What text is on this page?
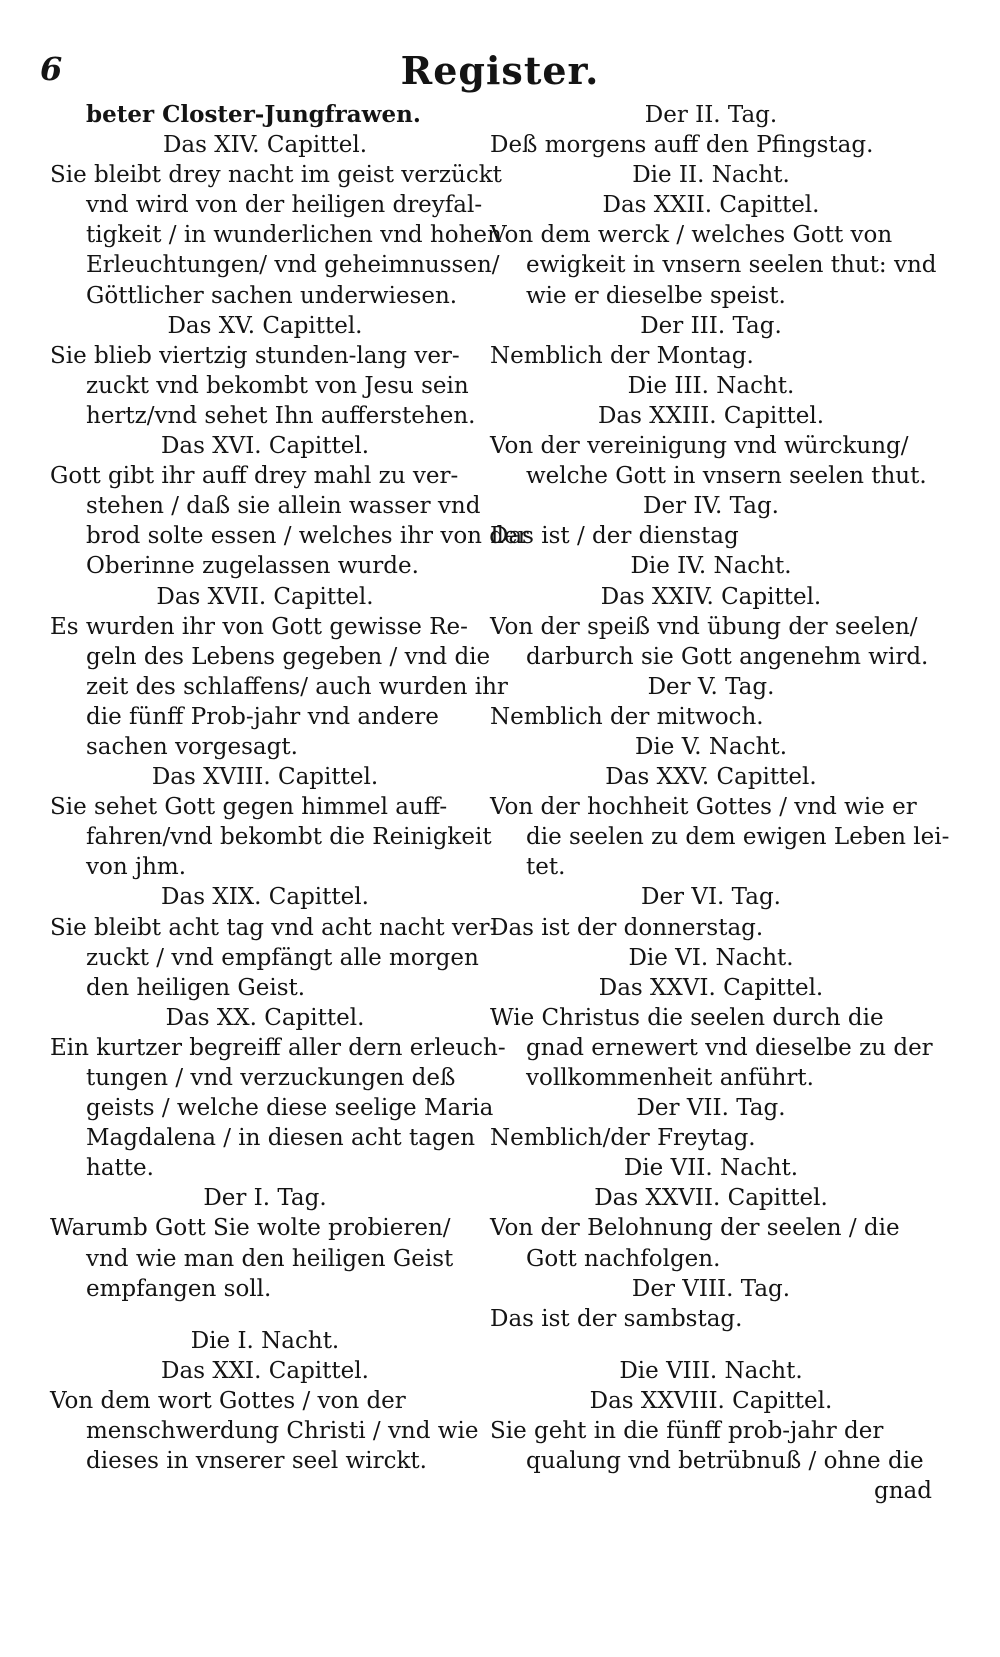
6	Register.
beter Closter-Jungfrawen.
Das XIV. Capittel.
Sie bleibt drey nacht im geist verzückt
vnd wird von der heiligen dreyfal-
tigkeit / in wunderlichen vnd hohen
Erleuchtungen/ vnd geheimnussen/
Göttlicher sachen underwiesen.
Das XV. Capittel.
Sie blieb viertzig stunden-lang ver-
zuckt vnd bekombt von Jesu sein
hertz/vnd sehet Ihn aufferstehen.
Das XVI. Capittel.
Gott gibt ihr auff drey mahl zu ver-
stehen / daß sie allein wasser vnd
brod solte essen / welches ihr von der
Oberinne zugelassen wurde.
Das XVII. Capittel.
Es wurden ihr von Gott gewisse Re-
geln des Lebens gegeben / vnd die
zeit des schlaffens/ auch wurden ihr
die fünff Prob-jahr vnd andere
sachen vorgesagt.
Das XVIII. Capittel.
Sie sehet Gott gegen himmel auff-
fahren/vnd bekombt die Reinigkeit
von jhm.
Das XIX. Capittel.
Sie bleibt acht tag vnd acht nacht ver-
zuckt / vnd empfängt alle morgen
den heiligen Geist.
Das XX. Capittel.
Ein kurtzer begreiff aller dern erleuch-
tungen / vnd verzuckungen deß
geists / welche diese seelige Maria
Magdalena / in diesen acht tagen
hatte.
Der I. Tag.
Warumb Gott Sie wolte probieren/
vnd wie man den heiligen Geist
empfangen soll.
Die I. Nacht.
Das XXI. Capittel.
Von dem wort Gottes / von der
menschwerdung Christi / vnd wie
dieses in vnserer seel wirckt.
Der II. Tag.
Deß morgens auff den Pfingstag.
Die II. Nacht.
Das XXII. Capittel.
Von dem werck / welches Gott von
ewigkeit in vnsern seelen thut: vnd
wie er dieselbe speist.
Der III. Tag.
Nemblich der Montag.
Die III. Nacht.
Das XXIII. Capittel.
Von der vereinigung vnd würckung/
welche Gott in vnsern seelen thut.
Der IV. Tag.
Das ist / der dienstag
Die IV. Nacht.
Das XXIV. Capittel.
Von der speiß vnd übung der seelen/
darburch sie Gott angenehm wird.
Der V. Tag.
Nemblich der mitwoch.
Die V. Nacht.
Das XXV. Capittel.
Von der hochheit Gottes / vnd wie er
die seelen zu dem ewigen Leben lei-
tet.
Der VI. Tag.
Das ist der donnerstag.
Die VI. Nacht.
Das XXVI. Capittel.
Wie Christus die seelen durch die
gnad ernewert vnd dieselbe zu der
vollkommenheit anführt.
Der VII. Tag.
Nemblich/der Freytag.
Die VII. Nacht.
Das XXVII. Capittel.
Von der Belohnung der seelen / die
Gott nachfolgen.
Der VIII. Tag.
Das ist der sambstag.
Die VIII. Nacht.
Das XXVIII. Capittel.
Sie geht in die fünff prob-jahr der
qualung vnd betrübnuß / ohne die
gnad
